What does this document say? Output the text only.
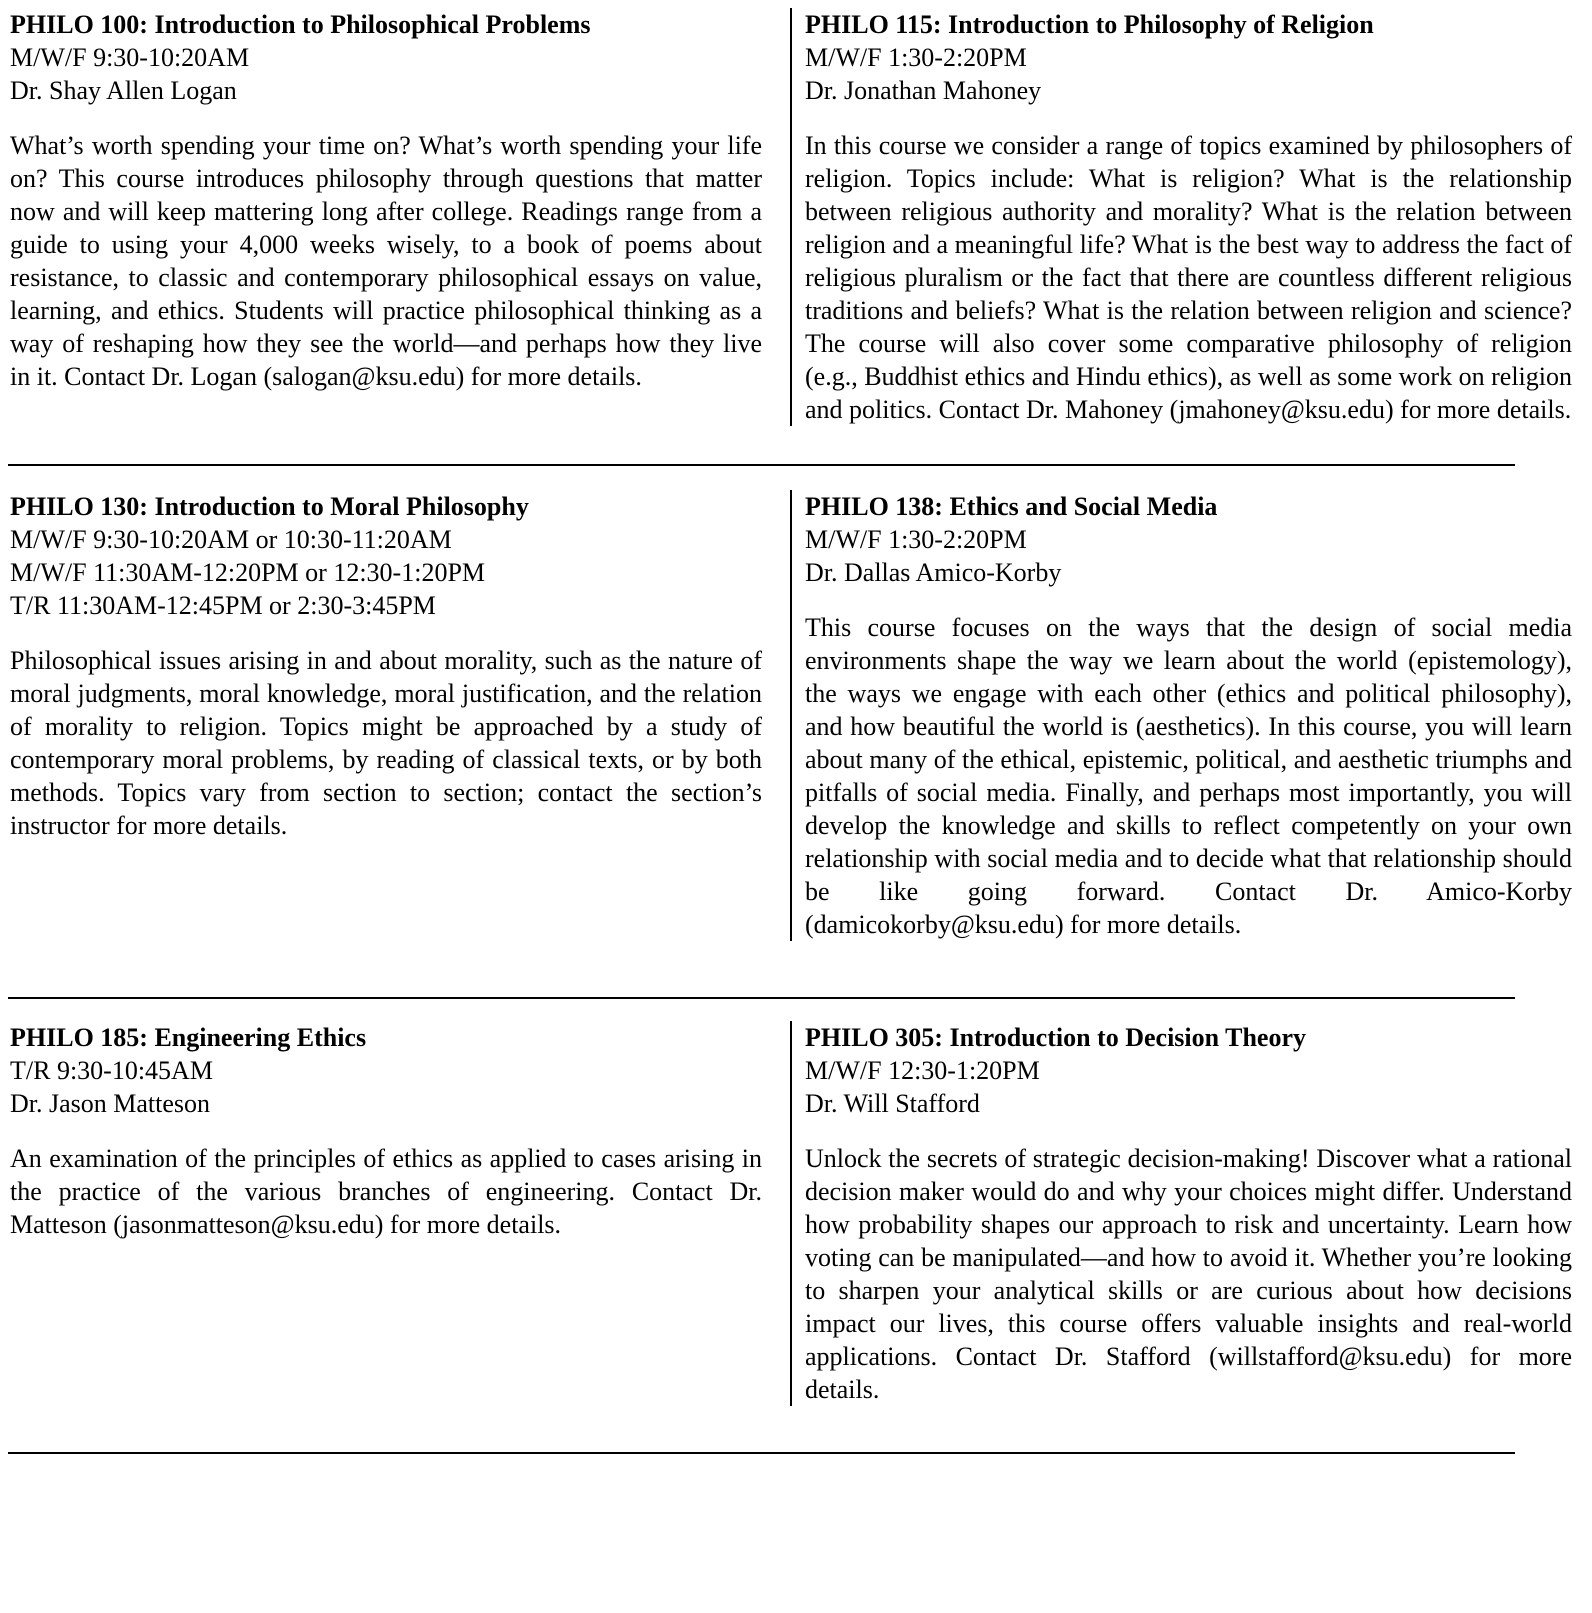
PHILO 100: Introduction to Philosophical Problems
M/W/F 9:30-10:20AM
Dr. Shay Allen Logan

What’s worth spending your time on? What’s worth spending your life on? This course introduces philosophy through questions that matter now and will keep mattering long after college. Readings range from a guide to using your 4,000 weeks wisely, to a book of poems about resistance, to classic and contemporary philosophical essays on value, learning, and ethics. Students will practice philosophical thinking as a way of reshaping how they see the world—and perhaps how they live in it. Contact Dr. Logan (salogan@ksu.edu) for more details.

PHILO 115: Introduction to Philosophy of Religion
M/W/F 1:30-2:20PM
Dr. Jonathan Mahoney

In this course we consider a range of topics examined by philosophers of religion. Topics include: What is religion? What is the relationship between religious authority and morality? What is the relation between religion and a meaningful life? What is the best way to address the fact of religious pluralism or the fact that there are countless different religious traditions and beliefs? What is the relation between religion and science? The course will also cover some comparative philosophy of religion (e.g., Buddhist ethics and Hindu ethics), as well as some work on religion and politics. Contact Dr. Mahoney (jmahoney@ksu.edu) for more details.

PHILO 130: Introduction to Moral Philosophy
M/W/F 9:30-10:20AM or 10:30-11:20AM
M/W/F 11:30AM-12:20PM or 12:30-1:20PM
T/R 11:30AM-12:45PM or 2:30-3:45PM

Philosophical issues arising in and about morality, such as the nature of moral judgments, moral knowledge, moral justification, and the relation of morality to religion. Topics might be approached by a study of contemporary moral problems, by reading of classical texts, or by both methods. Topics vary from section to section; contact the section’s instructor for more details.

PHILO 138: Ethics and Social Media
M/W/F 1:30-2:20PM
Dr. Dallas Amico-Korby

This course focuses on the ways that the design of social media environments shape the way we learn about the world (epistemology), the ways we engage with each other (ethics and political philosophy), and how beautiful the world is (aesthetics). In this course, you will learn about many of the ethical, epistemic, political, and aesthetic triumphs and pitfalls of social media. Finally, and perhaps most importantly, you will develop the knowledge and skills to reflect competently on your own relationship with social media and to decide what that relationship should be like going forward. Contact Dr. Amico-Korby (damicokorby@ksu.edu) for more details.

PHILO 185: Engineering Ethics
T/R 9:30-10:45AM
Dr. Jason Matteson

An examination of the principles of ethics as applied to cases arising in the practice of the various branches of engineering. Contact Dr. Matteson (jasonmatteson@ksu.edu) for more details.

PHILO 305: Introduction to Decision Theory
M/W/F 12:30-1:20PM
Dr. Will Stafford

Unlock the secrets of strategic decision-making! Discover what a rational decision maker would do and why your choices might differ. Understand how probability shapes our approach to risk and uncertainty. Learn how voting can be manipulated—and how to avoid it. Whether you’re looking to sharpen your analytical skills or are curious about how decisions impact our lives, this course offers valuable insights and real-world applications. Contact Dr. Stafford (willstafford@ksu.edu) for more details.
